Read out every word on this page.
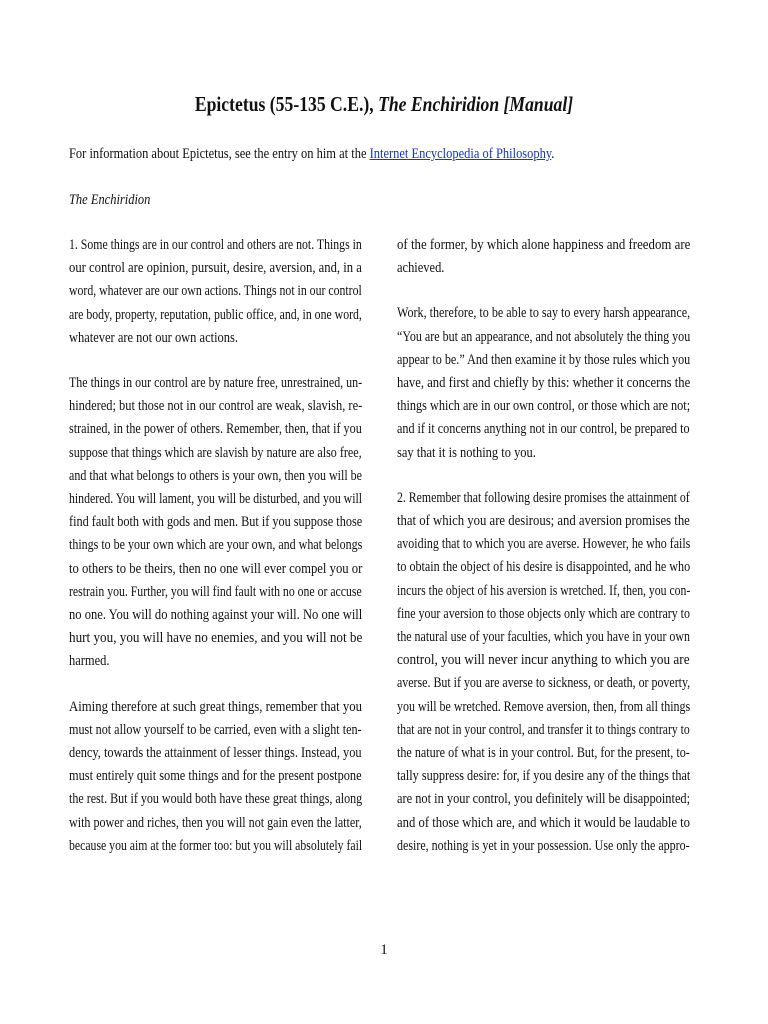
Epictetus (55-135 C.E.), The Enchiridion [Manual]
For information about Epictetus, see the entry on him at the Internet Encyclopedia of Philosophy.
The Enchiridion
1. Some things are in our control and others are not. Things in
our control are opinion, pursuit, desire, aversion, and, in a
word, whatever are our own actions. Things not in our control
are body, property, reputation, public office, and, in one word,
whatever are not our own actions.
The things in our control are by nature free, unrestrained, un-
hindered; but those not in our control are weak, slavish, re-
strained, in the power of others. Remember, then, that if you
suppose that things which are slavish by nature are also free,
and that what belongs to others is your own, then you will be
hindered. You will lament, you will be disturbed, and you will
find fault both with gods and men. But if you suppose those
things to be your own which are your own, and what belongs
to others to be theirs, then no one will ever compel you or
restrain you. Further, you will find fault with no one or accuse
no one. You will do nothing against your will. No one will
hurt you, you will have no enemies, and you will not be
harmed.
Aiming therefore at such great things, remember that you
must not allow yourself to be carried, even with a slight ten-
dency, towards the attainment of lesser things. Instead, you
must entirely quit some things and for the present postpone
the rest. But if you would both have these great things, along
with power and riches, then you will not gain even the latter,
because you aim at the former too: but you will absolutely fail
of the former, by which alone happiness and freedom are
achieved.
Work, therefore, to be able to say to every harsh appearance,
“You are but an appearance, and not absolutely the thing you
appear to be.” And then examine it by those rules which you
have, and first and chiefly by this: whether it concerns the
things which are in our own control, or those which are not;
and if it concerns anything not in our control, be prepared to
say that it is nothing to you.
2. Remember that following desire promises the attainment of
that of which you are desirous; and aversion promises the
avoiding that to which you are averse. However, he who fails
to obtain the object of his desire is disappointed, and he who
incurs the object of his aversion is wretched. If, then, you con-
fine your aversion to those objects only which are contrary to
the natural use of your faculties, which you have in your own
control, you will never incur anything to which you are
averse. But if you are averse to sickness, or death, or poverty,
you will be wretched. Remove aversion, then, from all things
that are not in your control, and transfer it to things contrary to
the nature of what is in your control. But, for the present, to-
tally suppress desire: for, if you desire any of the things that
are not in your control, you definitely will be disappointed;
and of those which are, and which it would be laudable to
desire, nothing is yet in your possession. Use only the appro-
1
